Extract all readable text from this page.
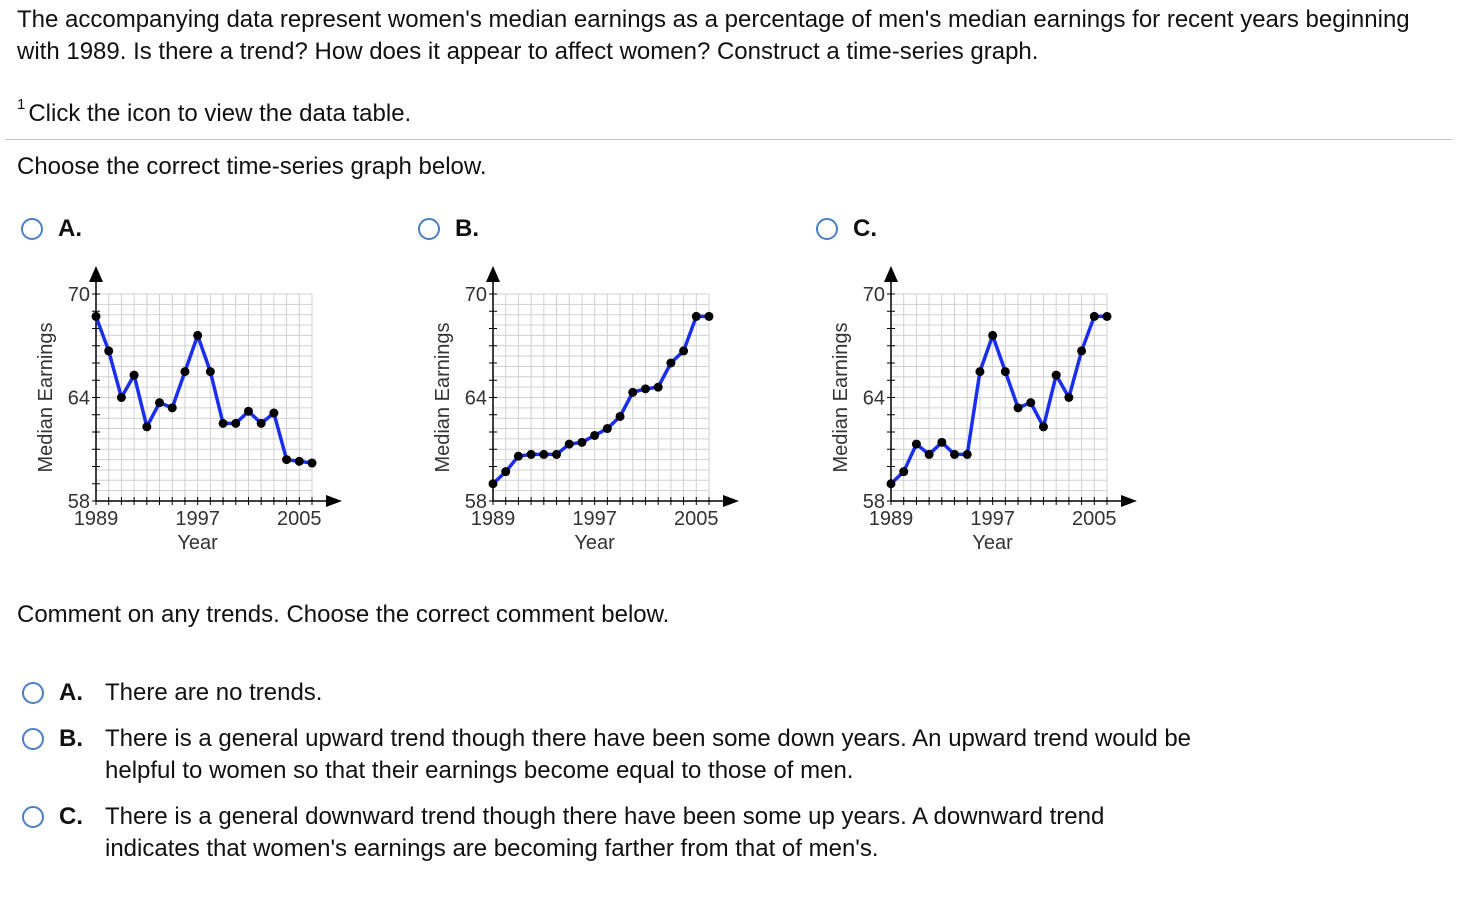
The accompanying data represent women's median earnings as a percentage of men's median earnings for recent years beginning with 1989. Is there a trend? How does it appear to affect women? Construct a time-series graph.
$^1$ Click the icon to view the data table.
Choose the correct time-series graph below.
A.
1989	1997	2005
58
64
70
Year
Median Earnings
B.
1989	1997	2005
58
64
70
Year
Median Earnings
C.
1989	1997	2005
58
64
70
Year
Median Earnings
Comment on any trends. Choose the correct comment below.
A. There are no trends.
B. There is a general upward trend though there have been some down years. An upward trend would be helpful to women so that their earnings become equal to those of men.
C. There is a general downward trend though there have been some up years. A downward trend indicates that women's earnings are becoming farther from that of men's.
